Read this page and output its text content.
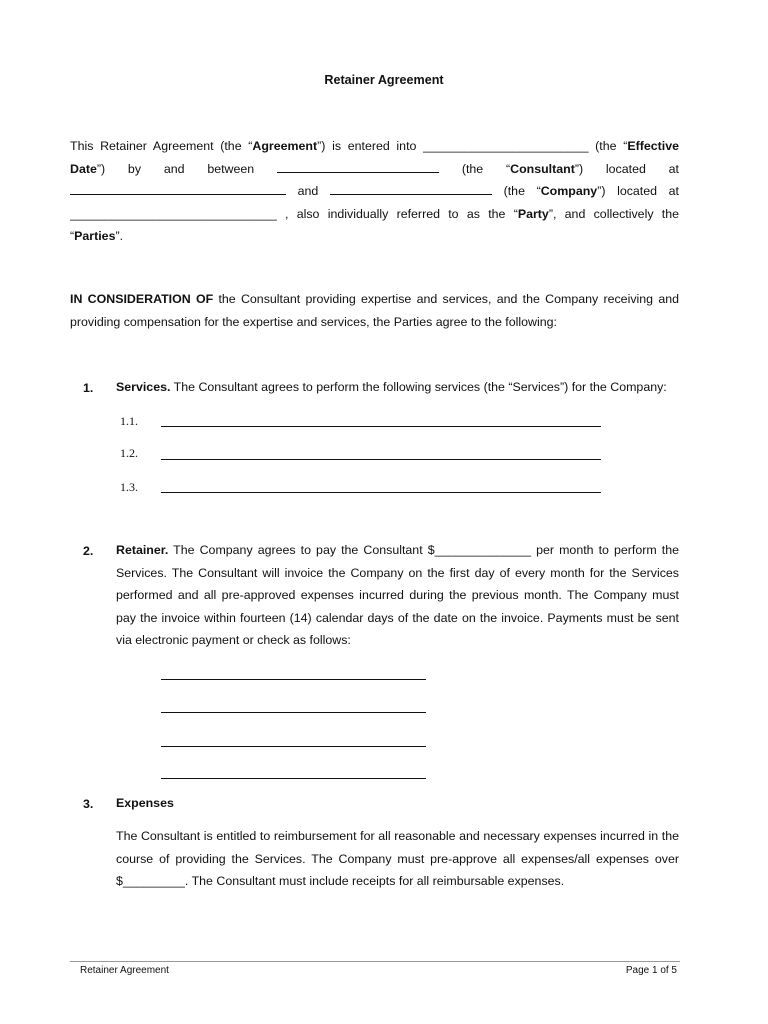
Retainer Agreement
This Retainer Agreement (the “Agreement”) is entered into ________________________ (the “Effective
Date”) by and between	(the “Consultant”) located at
and	(the “Company”) located at
______________________________ , also individually referred to as the “Party”, and collectively the
“Parties”.
IN CONSIDERATION OF the Consultant providing expertise and services, and the Company receiving and providing compensation for the expertise and services, the Parties agree to the following:
1. Services. The Consultant agrees to perform the following services (the “Services”) for the Company:
1.1.
1.2.
1.3.
2. Retainer. The Company agrees to pay the Consultant $______________ per month to perform the Services. The Consultant will invoice the Company on the first day of every month for the Services performed and all pre-approved expenses incurred during the previous month. The Company must pay the invoice within fourteen (14) calendar days of the date on the invoice. Payments must be sent via electronic payment or check as follows:
3. Expenses
The Consultant is entitled to reimbursement for all reasonable and necessary expenses incurred in the course of providing the Services. The Company must pre-approve all expenses/all expenses over $_________. The Consultant must include receipts for all reimbursable expenses.
Retainer Agreement	Page 1 of 5
